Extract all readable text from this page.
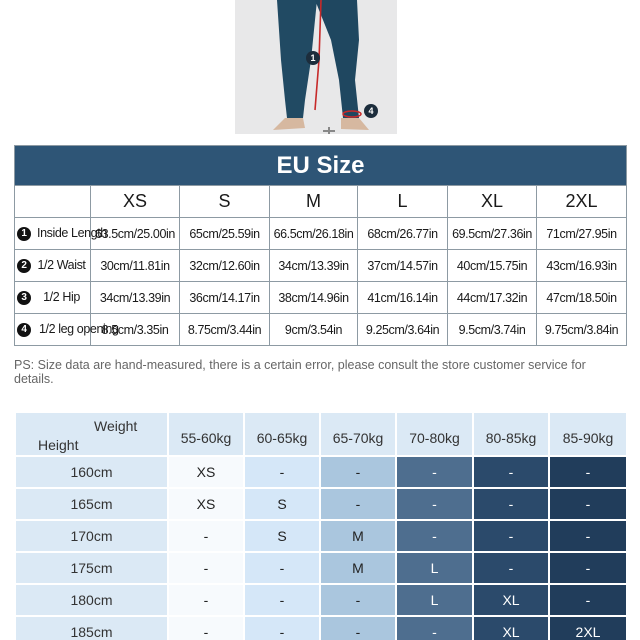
1
4
EU Size						
	XS	S	M	L	XL	2XL

1 Inside Length	63.5cm/25.00in	65cm/25.59in	66.5cm/26.18in	68cm/26.77in	69.5cm/27.36in	71cm/27.95in

2 1/2 Waist	30cm/11.81in	32cm/12.60in	34cm/13.39in	37cm/14.57in	40cm/15.75in	43cm/16.93in

3 1/2 Hip	34cm/13.39in	36cm/14.17in	38cm/14.96in	41cm/16.14in	44cm/17.32in	47cm/18.50in

4 1/2 leg opening	8.5cm/3.35in	8.75cm/3.44in	9cm/3.54in	9.25cm/3.64in	9.5cm/3.74in	9.75cm/3.84in
PS: Size data are hand-measured, there is a certain error, please consult the store customer service for details.
Weight
Height	55-60kg	60-65kg	65-70kg	70-80kg	80-85kg	85-90kg
160cm	XS	-	-	-	-	-
165cm	XS	S	-	-	-	-
170cm	-	S	M	-	-	-
175cm	-	-	M	L	-	-
180cm	-	-	-	L	XL	-
185cm	-	-	-	-	XL	2XL
